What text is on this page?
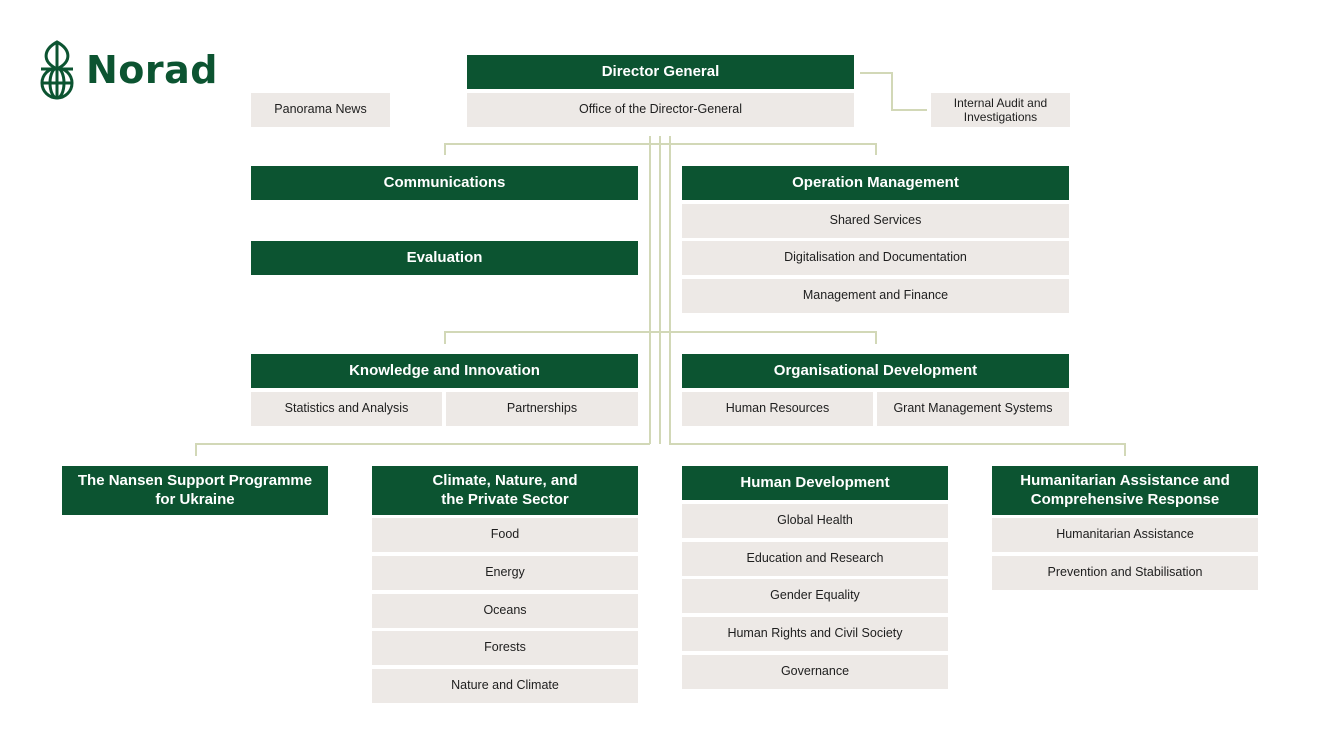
Norad	Director General
Office of the Director-General
Panorama News	Internal Audit and Investigations
Communications
Evaluation
Operation Management
Shared Services
Digitalisation and Documentation
Management and Finance
Knowledge and Innovation
Statistics and Analysis	Partnerships
Organisational Development
Human Resources	Grant Management Systems
The Nansen Support Programme for Ukraine
Climate, Nature, and the Private Sector
Food
Energy
Oceans
Forests
Nature and Climate
Human Development
Global Health
Education and Research
Gender Equality
Human Rights and Civil Society
Governance
Humanitarian Assistance and Comprehensive Response
Humanitarian Assistance
Prevention and Stabilisation
